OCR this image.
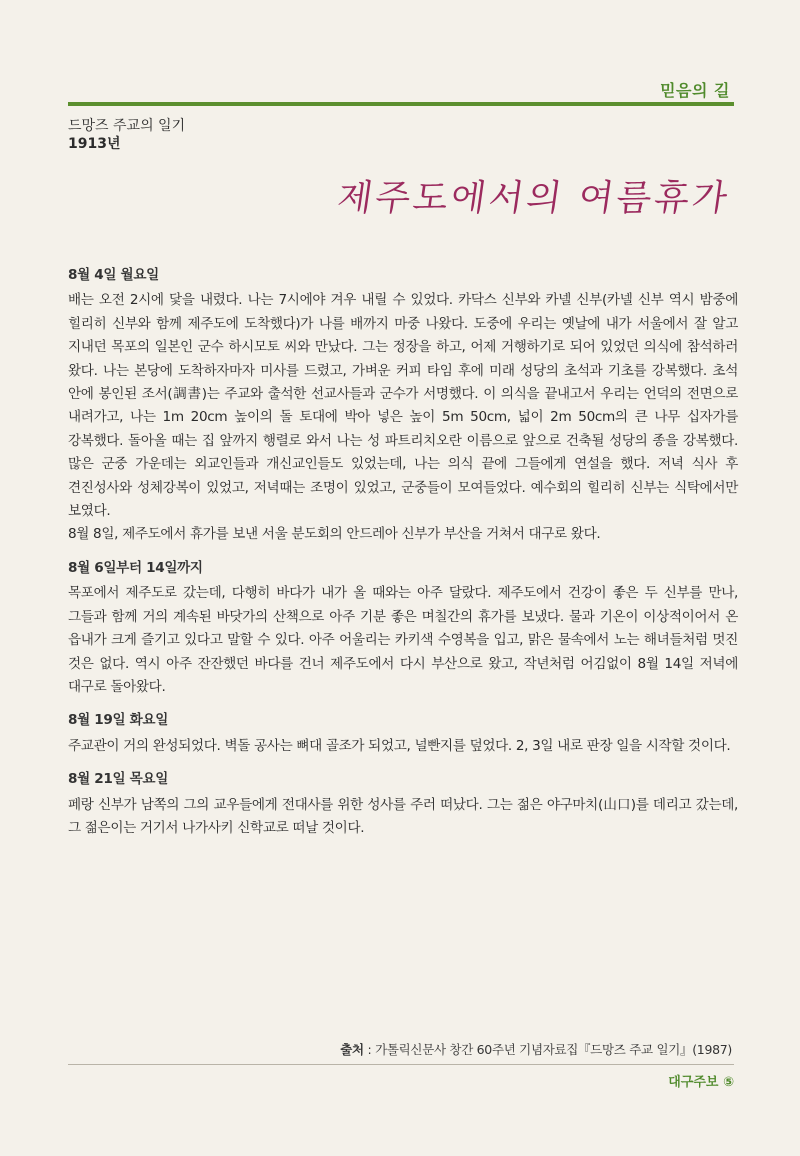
믿음의 길
드망즈 주교의 일기
1913년
제주도에서의 여름휴가
8월 4일 월요일

배는 오전 2시에 닻을 내렸다. 나는 7시에야 겨우 내릴 수 있었다. 카닥스 신부와 카넬 신부(카넬 신부 역시 밤중에 힐리히 신부와 함께 제주도에 도착했다)가 나를 배까지 마중 나왔다. 도중에 우리는 옛날에 내가 서울에서 잘 알고 지내던 목포의 일본인 군수 하시모토 씨와 만났다. 그는 정장을 하고, 어제 거행하기로 되어 있었던 의식에 참석하러 왔다. 나는 본당에 도착하자마자 미사를 드렸고, 가벼운 커피 타임 후에 미래 성당의 초석과 기초를 강복했다. 초석 안에 봉인된 조서(調書)는 주교와 출석한 선교사들과 군수가 서명했다. 이 의식을 끝내고서 우리는 언덕의 전면으로 내려가고, 나는 1m 20cm 높이의 돌 토대에 박아 넣은 높이 5m 50cm, 넓이 2m 50cm의 큰 나무 십자가를 강복했다. 돌아올 때는 집 앞까지 행렬로 와서 나는 성 파트리치오란 이름으로 앞으로 건축될 성당의 종을 강복했다. 많은 군중 가운데는 외교인들과 개신교인들도 있었는데, 나는 의식 끝에 그들에게 연설을 했다. 저녁 식사 후 견진성사와 성체강복이 있었고, 저녁때는 조명이 있었고, 군중들이 모여들었다. 예수회의 힐리히 신부는 식탁에서만 보였다.

8월 8일, 제주도에서 휴가를 보낸 서울 분도회의 안드레아 신부가 부산을 거쳐서 대구로 왔다.

8월 6일부터 14일까지

목포에서 제주도로 갔는데, 다행히 바다가 내가 올 때와는 아주 달랐다. 제주도에서 건강이 좋은 두 신부를 만나, 그들과 함께 거의 계속된 바닷가의 산책으로 아주 기분 좋은 며칠간의 휴가를 보냈다. 물과 기온이 이상적이어서 온 읍내가 크게 즐기고 있다고 말할 수 있다. 아주 어울리는 카키색 수영복을 입고, 맑은 물속에서 노는 해녀들처럼 멋진 것은 없다. 역시 아주 잔잔했던 바다를 건너 제주도에서 다시 부산으로 왔고, 작년처럼 어김없이 8월 14일 저녁에 대구로 돌아왔다.

8월 19일 화요일

주교관이 거의 완성되었다. 벽돌 공사는 뼈대 골조가 되었고, 널빤지를 덮었다. 2, 3일 내로 판장 일을 시작할 것이다.

8월 21일 목요일

페랑 신부가 남쪽의 그의 교우들에게 전대사를 위한 성사를 주러 떠났다. 그는 젊은 야구마치(山口)를 데리고 갔는데, 그 젊은이는 거기서 나가사키 신학교로 떠날 것이다.

출처 : 가톨릭신문사 창간 60주년 기념자료집『드망즈 주교 일기』(1987)
대구주보 ⑤
